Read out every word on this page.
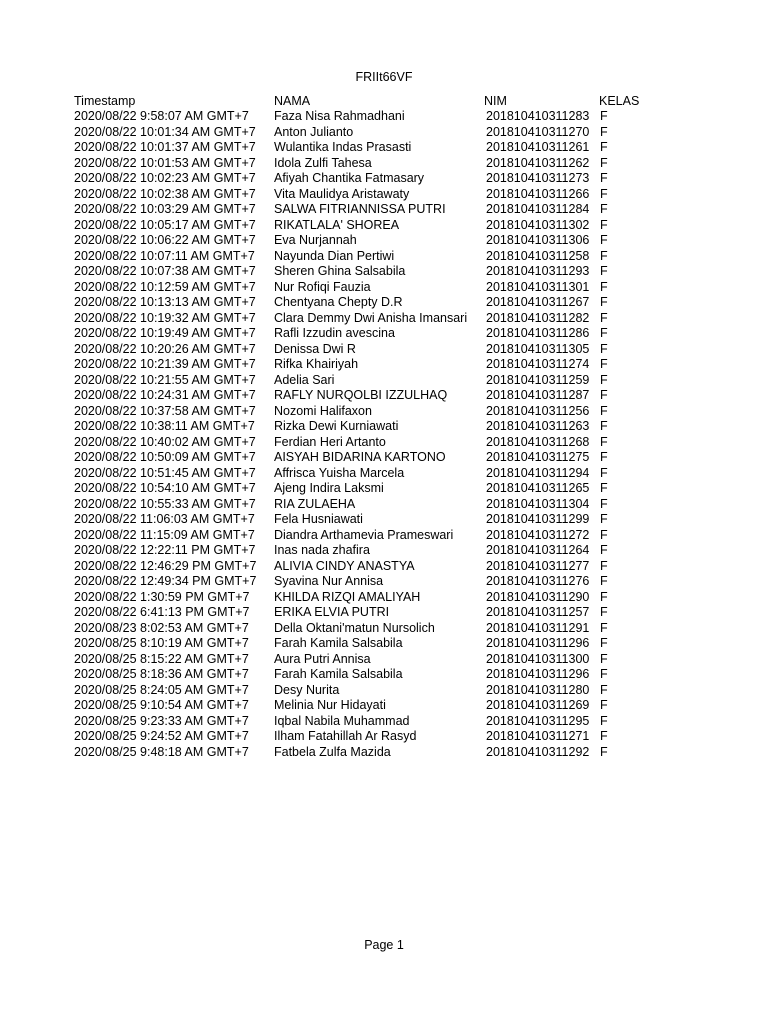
FRIIt66VF
Timestamp	NAMA	NIM	KELAS
2020/08/22 9:58:07 AM GMT+7 Faza Nisa Rahmadhani	201810410311283 F
2020/08/22 10:01:34 AM GMT+7 Anton Julianto	201810410311270 F
2020/08/22 10:01:37 AM GMT+7 Wulantika Indas Prasasti	201810410311261 F
2020/08/22 10:01:53 AM GMT+7 Idola Zulfi Tahesa	201810410311262 F
2020/08/22 10:02:23 AM GMT+7 Afiyah Chantika Fatmasary	201810410311273 F
2020/08/22 10:02:38 AM GMT+7 Vita Maulidya Aristawaty	201810410311266 F
2020/08/22 10:03:29 AM GMT+7 SALWA FITRIANNISSA PUTRI	201810410311284 F
2020/08/22 10:05:17 AM GMT+7 RIKATLALA' SHOREA	201810410311302 F
2020/08/22 10:06:22 AM GMT+7 Eva Nurjannah	201810410311306 F
2020/08/22 10:07:11 AM GMT+7 Nayunda Dian Pertiwi	201810410311258 F
2020/08/22 10:07:38 AM GMT+7 Sheren Ghina Salsabila	201810410311293 F
2020/08/22 10:12:59 AM GMT+7 Nur Rofiqi Fauzia	201810410311301 F
2020/08/22 10:13:13 AM GMT+7 Chentyana Chepty D.R	201810410311267 F
2020/08/22 10:19:32 AM GMT+7 Clara Demmy Dwi Anisha Imansari 201810410311282 F
2020/08/22 10:19:49 AM GMT+7 Rafli Izzudin avescina	201810410311286 F
2020/08/22 10:20:26 AM GMT+7 Denissa Dwi R	201810410311305 F
2020/08/22 10:21:39 AM GMT+7 Rifka Khairiyah	201810410311274 F
2020/08/22 10:21:55 AM GMT+7 Adelia Sari	201810410311259 F
2020/08/22 10:24:31 AM GMT+7 RAFLY NURQOLBI IZZULHAQ	201810410311287 F
2020/08/22 10:37:58 AM GMT+7 Nozomi Halifaxon	201810410311256 F
2020/08/22 10:38:11 AM GMT+7 Rizka Dewi Kurniawati	201810410311263 F
2020/08/22 10:40:02 AM GMT+7 Ferdian Heri Artanto	201810410311268 F
2020/08/22 10:50:09 AM GMT+7 AISYAH BIDARINA KARTONO	201810410311275 F
2020/08/22 10:51:45 AM GMT+7 Affrisca Yuisha Marcela	201810410311294 F
2020/08/22 10:54:10 AM GMT+7 Ajeng Indira Laksmi	201810410311265 F
2020/08/22 10:55:33 AM GMT+7 RIA ZULAEHA	201810410311304 F
2020/08/22 11:06:03 AM GMT+7 Fela Husniawati	201810410311299 F
2020/08/22 11:15:09 AM GMT+7 Diandra Arthamevia Prameswari	201810410311272 F
2020/08/22 12:22:11 PM GMT+7 Inas nada zhafira	201810410311264 F
2020/08/22 12:46:29 PM GMT+7 ALIVIA CINDY ANASTYA	201810410311277 F
2020/08/22 12:49:34 PM GMT+7 Syavina Nur Annisa	201810410311276 F
2020/08/22 1:30:59 PM GMT+7 KHILDA RIZQI AMALIYAH	201810410311290 F
2020/08/22 6:41:13 PM GMT+7 ERIKA ELVIA PUTRI	201810410311257 F
2020/08/23 8:02:53 AM GMT+7 Della Oktani'matun Nursolich	201810410311291 F
2020/08/25 8:10:19 AM GMT+7 Farah Kamila Salsabila	201810410311296 F
2020/08/25 8:15:22 AM GMT+7 Aura Putri Annisa	201810410311300 F
2020/08/25 8:18:36 AM GMT+7 Farah Kamila Salsabila	201810410311296 F
2020/08/25 8:24:05 AM GMT+7 Desy Nurita	201810410311280 F
2020/08/25 9:10:54 AM GMT+7 Melinia Nur Hidayati	201810410311269 F
2020/08/25 9:23:33 AM GMT+7 Iqbal Nabila Muhammad	201810410311295 F
2020/08/25 9:24:52 AM GMT+7 Ilham Fatahillah Ar Rasyd	201810410311271 F
2020/08/25 9:48:18 AM GMT+7 Fatbela Zulfa Mazida	201810410311292 F
Page 1
